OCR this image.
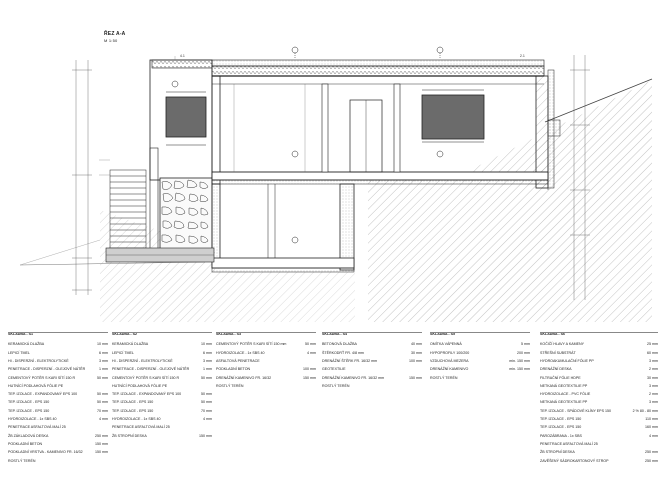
ŘEZ A-A
M 1:50
4.1	2.1
SKLADBA - S1
KERAMICKÁ DLAŽBA	10 mm
LEPICÍ TMEL	6 mm
HI - DISPERZNÍ - ELEKTROLYTICKÉ	3 mm
PENETRACE - DISPERZNÍ - OLEJOVÉ NÁTĚR	1 mm
CEMENTOVÝ POTĚR S KARI SÍTÍ 150 R	50 mm
HUTNÍCÍ PODLAHOVÁ FÓLIE PE
TEP. IZOLACE - EXPANDOVANÝ EPS 100	50 mm
TEP. IZOLACE - EPS 150	50 mm
TEP. IZOLACE - EPS 150	70 mm
HYDROIZOLACE - 1x SBS 40	4 mm
PENETRACE ASFALTOVÁ MALÍ 25
ŽB ZÁKLADOVÁ DESKA	250 mm
PODKLADNÍ BETON	150 mm
PODKLADNÍ VRSTVA - KAMENIVO FR. 16/32	150 mm
ROSTLÝ TERÉN
SKLADBA - S2
KERAMICKÁ DLAŽBA	10 mm
LEPICÍ TMEL	6 mm
HI - DISPERZNÍ - ELEKTROLYTICKÉ	3 mm
PENETRACE - DISPERZNÍ - OLEJOVÉ NÁTĚR	1 mm
CEMENTOVÝ POTĚR S KARI SÍTÍ 150 R	50 mm
HUTNÍCÍ PODLAHOVÁ FÓLIE PE
TEP. IZOLACE - EXPANDOVANÝ EPS 100	50 mm
TEP. IZOLACE - EPS 150	50 mm
TEP. IZOLACE - EPS 150	70 mm
HYDROIZOLACE - 1x SBS 40	4 mm
PENETRACE ASFALTOVÁ MALÍ 25
ŽB STROPNÍ DESKA	150 mm
SKLADBA - S3
CEMENTOVÝ POTĚR S KARI SÍTÍ 150 mm	50 mm
HYDROIZOLACE - 1x SBS 40	4 mm
ASFALTOVÁ PENETRACE
PODKLADNÍ BETON	100 mm
DRENÁŽNÍ KAMENIVO FR. 16/32	150 mm
ROSTLÝ TERÉN
SKLADBA - S4
BETONOVÁ DLAŽBA	40 mm
ŠTĚRKODRŤ FR. 4/8 mm	30 mm
DRENÁŽNÍ ŠTĚRK FR. 16/32 mm	100 mm
GEOTEXTILIE
DRENÁŽNÍ KAMENIVO FR. 16/32 mm	150 mm
ROSTLÝ TERÉN
SKLADBA - S5
OMÍTKA VÁPENNÁ	5 mm
HYPOPROFILY 100/200	200 mm
VZDUCHOVÁ MEZERA	min. 150 mm
DRENÁŽNÍ KAMENIVO	min. 150 mm
ROSTLÝ TERÉN
SKLADBA - S6
KOČIČÍ HLAVY A KAMENY	25 mm
STŘEŠNÍ SUBSTRÁT	60 mm
HYDROAKUMULAČNÍ FÓLIE PP	3 mm
DRENÁŽNÍ DESKA	2 mm
FILTRAČNÍ FÓLIE HDPE	30 mm
NETKANÁ GEOTEXTILIE PP	3 mm
HYDROIZOLACE - PVC FÓLIE	2 mm
NETKANÁ GEOTEXTILIE PP	3 mm
TEP. IZOLACE - SPÁDOVÉ KLÍNY EPS 150	2 % 80 - 80 mm
TEP. IZOLACE - EPS 150	110 mm
TEP. IZOLACE - EPS 150	160 mm
PAROZÁBRANA - 1x SBS	4 mm
PENETRACE ASFALTOVÁ MALÍ 25
ŽB STROPNÍ DESKA	250 mm
ZAVĚŠENÝ SÁDROKARTONOVÝ STROP	250 mm
